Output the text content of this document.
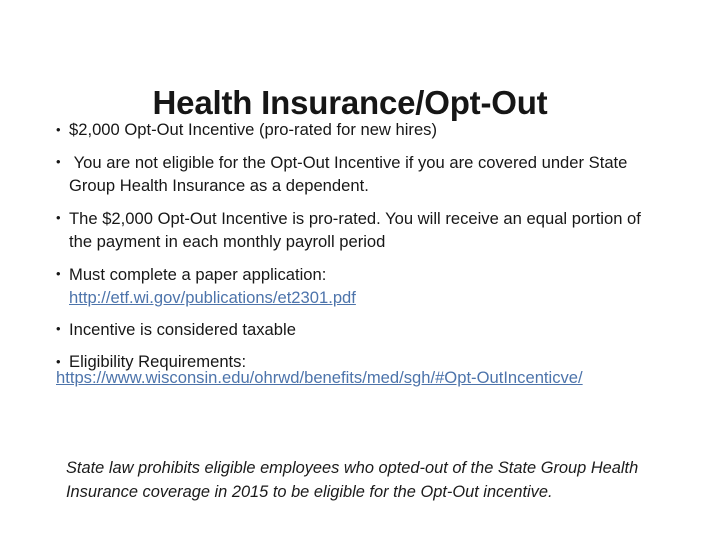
Health Insurance/Opt-Out
• $2,000 Opt-Out Incentive (pro-rated for new hires)
•  You are not eligible for the Opt-Out Incentive if you are covered under State Group Health Insurance as a dependent.
• The $2,000 Opt-Out Incentive is pro-rated. You will receive an equal portion of the payment in each monthly payroll period
• Must complete a paper application:
http://etf.wi.gov/publications/et2301.pdf
• Incentive is considered taxable
• Eligibility Requirements:
https://www.wisconsin.edu/ohrwd/benefits/med/sgh/#Opt-OutIncenticve/

State law prohibits eligible employees who opted-out of the State Group Health Insurance coverage in 2015 to be eligible for the Opt-Out incentive.
